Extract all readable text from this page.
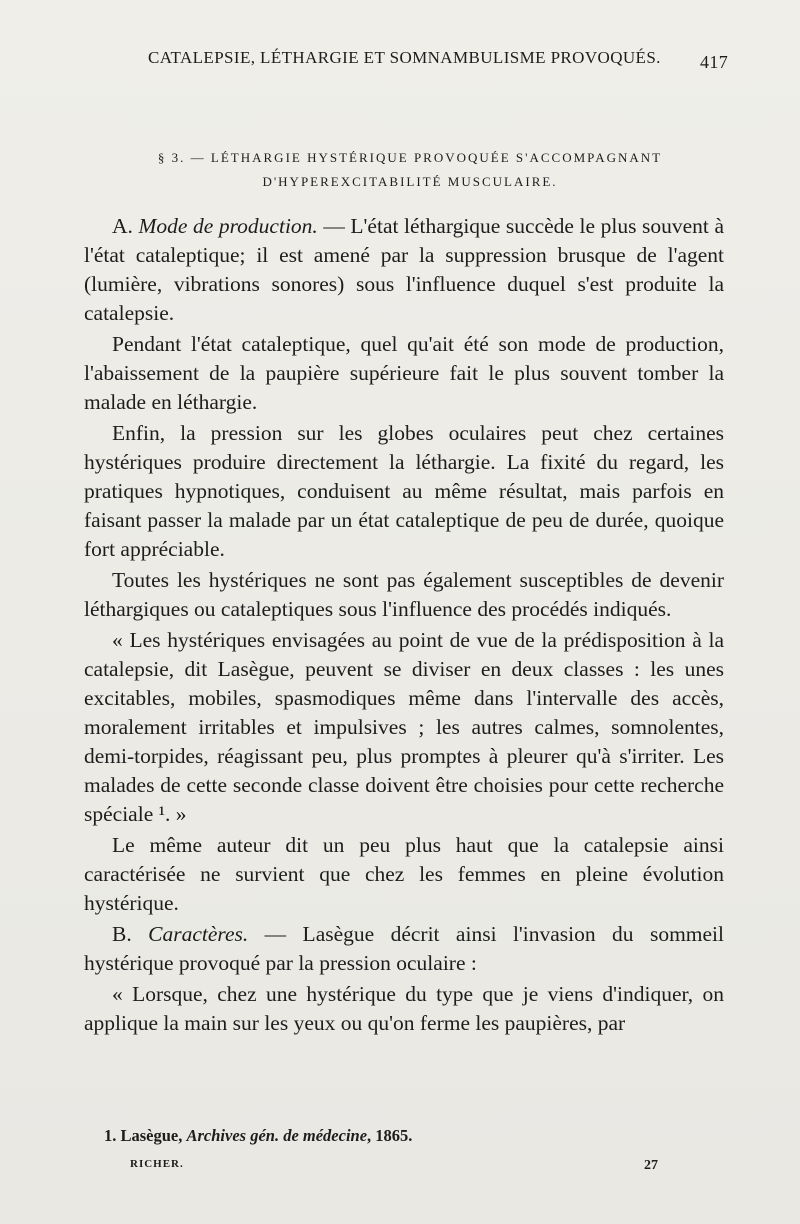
CATALEPSIE, LÉTHARGIE ET SOMNAMBULISME PROVOQUÉS. 417
§ 3. — LÉTHARGIE HYSTÉRIQUE PROVOQUÉE S'ACCOMPAGNANT
D'HYPEREXCITABILITÉ MUSCULAIRE.

A. Mode de production. — L'état léthargique succède le plus souvent à l'état cataleptique; il est amené par la suppression brusque de l'agent (lumière, vibrations sonores) sous l'influence duquel s'est produite la catalepsie.

Pendant l'état cataleptique, quel qu'ait été son mode de production, l'abaissement de la paupière supérieure fait le plus souvent tomber la malade en léthargie.

Enfin, la pression sur les globes oculaires peut chez certaines hystériques produire directement la léthargie. La fixité du regard, les pratiques hypnotiques, conduisent au même résultat, mais parfois en faisant passer la malade par un état cataleptique de peu de durée, quoique fort appréciable.

Toutes les hystériques ne sont pas également susceptibles de devenir léthargiques ou cataleptiques sous l'influence des procédés indiqués.

« Les hystériques envisagées au point de vue de la prédisposition à la catalepsie, dit Lasègue, peuvent se diviser en deux classes : les unes excitables, mobiles, spasmodiques même dans l'intervalle des accès, moralement irritables et impulsives ; les autres calmes, somnolentes, demi-torpides, réagissant peu, plus promptes à pleurer qu'à s'irriter. Les malades de cette seconde classe doivent être choisies pour cette recherche spéciale ¹. »

Le même auteur dit un peu plus haut que la catalepsie ainsi caractérisée ne survient que chez les femmes en pleine évolution hystérique.

B. Caractères. — Lasègue décrit ainsi l'invasion du sommeil hystérique provoqué par la pression oculaire :

« Lorsque, chez une hystérique du type que je viens d'indiquer, on applique la main sur les yeux ou qu'on ferme les paupières, par

1. Lasègue, Archives gén. de médecine, 1865.
RICHER.	27
